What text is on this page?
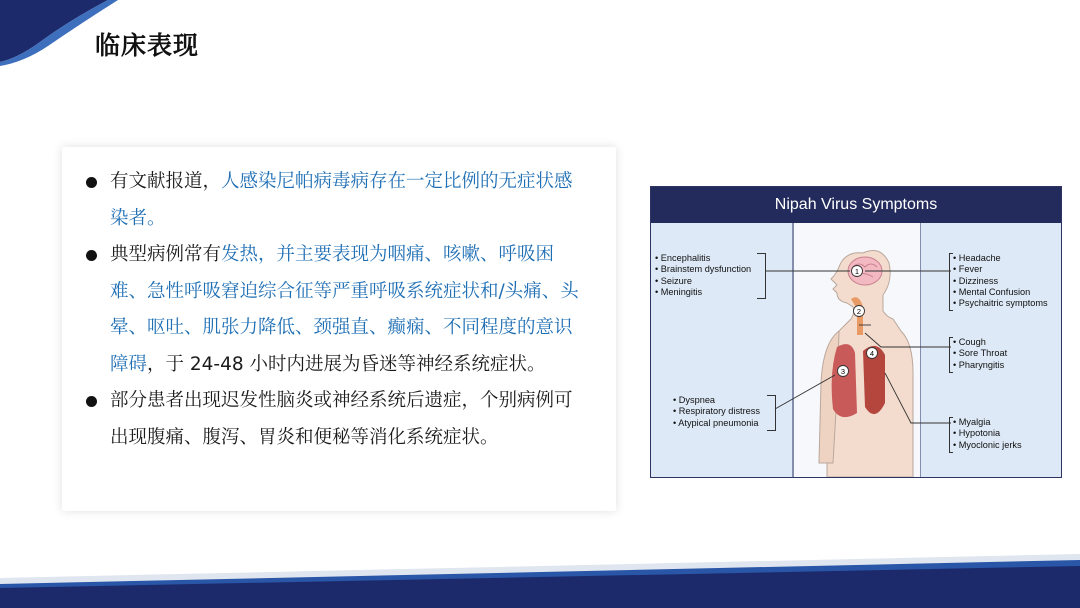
临床表现
有文献报道，人感染尼帕病毒病存在一定比例的无症状感染者。
典型病例常有发热，并主要表现为咽痛、咳嗽、呼吸困难、急性呼吸窘迫综合征等严重呼吸系统症状和/头痛、头晕、呕吐、肌张力降低、颈强直、癫痫、不同程度的意识障碍，于 24-48 小时内进展为昏迷等神经系统症状。
部分患者出现迟发性脑炎或神经系统后遗症，个别病例可出现腹痛、腹泻、胃炎和便秘等消化系统症状。
Nipah Virus Symptoms
1
2
3
4
• Encephalitis
• Brainstem dysfunction
• Seizure
• Meningitis
• Dyspnea
• Respiratory distress
• Atypical pneumonia
• Headache
• Fever
• Dizziness
• Mental Confusion
• Psychaitric symptoms
• Cough
• Sore Throat
• Pharyngitis
• Myalgia
• Hypotonia
• Myoclonic jerks
